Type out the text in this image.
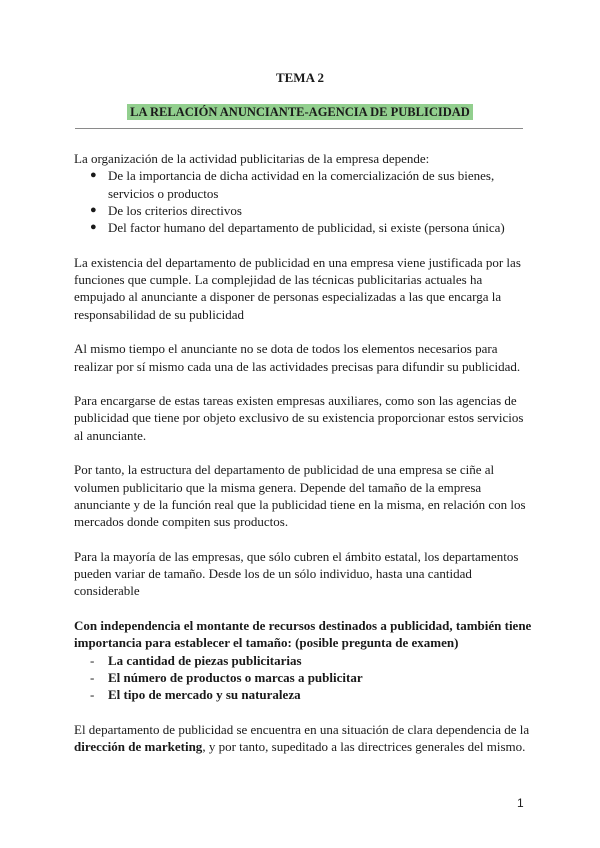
TEMA 2
LA RELACIÓN ANUNCIANTE-AGENCIA DE PUBLICIDAD

La organización de la actividad publicitarias de la empresa depende:

● De la importancia de dicha actividad en la comercialización de sus bienes, servicios o productos
● De los criterios directivos
● Del factor humano del departamento de publicidad, si existe (persona única)

La existencia del departamento de publicidad en una empresa viene justificada por las funciones que cumple. La complejidad de las técnicas publicitarias actuales ha empujado al anunciante a disponer de personas especializadas a las que encarga la responsabilidad de su publicidad

Al mismo tiempo el anunciante no se dota de todos los elementos necesarios para realizar por sí mismo cada una de las actividades precisas para difundir su publicidad.

Para encargarse de estas tareas existen empresas auxiliares, como son las agencias de publicidad que tiene por objeto exclusivo de su existencia proporcionar estos servicios al anunciante.

Por tanto, la estructura del departamento de publicidad de una empresa se ciñe al volumen publicitario que la misma genera. Depende del tamaño de la empresa anunciante y de la función real que la publicidad tiene en la misma, en relación con los mercados donde compiten sus productos.

Para la mayoría de las empresas, que sólo cubren el ámbito estatal, los departamentos pueden variar de tamaño. Desde los de un sólo individuo, hasta una cantidad considerable

Con independencia el montante de recursos destinados a publicidad, también tiene importancia para establecer el tamaño: (posible pregunta de examen)

- La cantidad de piezas publicitarias
- El número de productos o marcas a publicitar
- El tipo de mercado y su naturaleza

El departamento de publicidad se encuentra en una situación de clara dependencia de la dirección de marketing, y por tanto, supeditado a las directrices generales del mismo.

1
